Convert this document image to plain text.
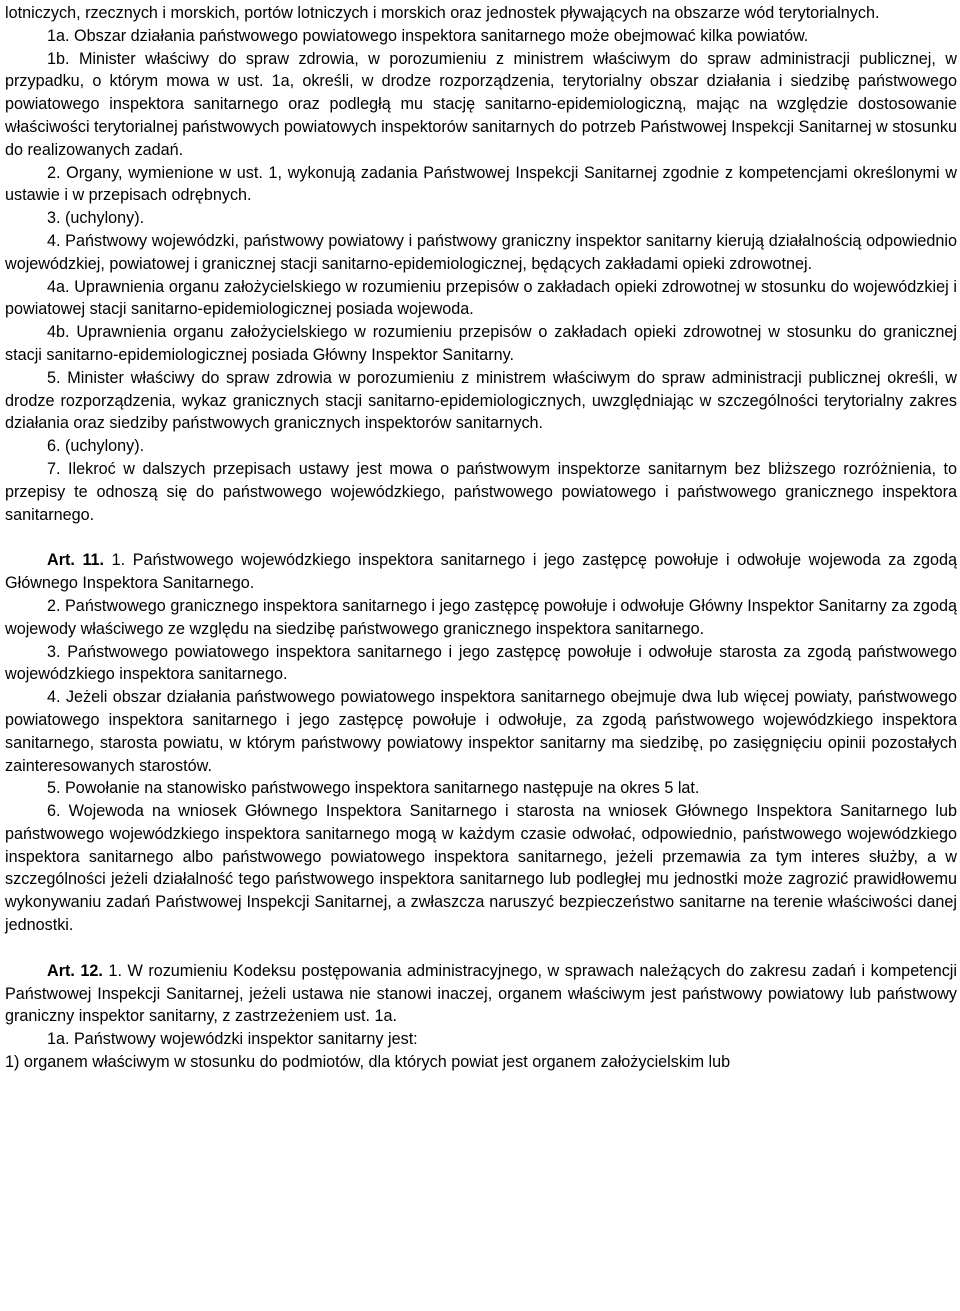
lotniczych, rzecznych i morskich, portów lotniczych i morskich oraz jednostek pływających na obszarze wód terytorialnych.

1a. Obszar działania państwowego powiatowego inspektora sanitarnego może obejmować kilka powiatów.

1b. Minister właściwy do spraw zdrowia, w porozumieniu z ministrem właściwym do spraw administracji publicznej, w przypadku, o którym mowa w ust. 1a, określi, w drodze rozporządzenia, terytorialny obszar działania i siedzibę państwowego powiatowego inspektora sanitarnego oraz podległą mu stację sanitarno-epidemiologiczną, mając na względzie dostosowanie właściwości terytorialnej państwowych powiatowych inspektorów sanitarnych do potrzeb Państwowej Inspekcji Sanitarnej w stosunku do realizowanych zadań.

2. Organy, wymienione w ust. 1, wykonują zadania Państwowej Inspekcji Sanitarnej zgodnie z kompetencjami określonymi w ustawie i w przepisach odrębnych.

3. (uchylony).

4. Państwowy wojewódzki, państwowy powiatowy i państwowy graniczny inspektor sanitarny kierują działalnością odpowiednio wojewódzkiej, powiatowej i granicznej stacji sanitarno-epidemiologicznej, będących zakładami opieki zdrowotnej.

4a. Uprawnienia organu założycielskiego w rozumieniu przepisów o zakładach opieki zdrowotnej w stosunku do wojewódzkiej i powiatowej stacji sanitarno-epidemiologicznej posiada wojewoda.

4b. Uprawnienia organu założycielskiego w rozumieniu przepisów o zakładach opieki zdrowotnej w stosunku do granicznej stacji sanitarno-epidemiologicznej posiada Główny Inspektor Sanitarny.

5. Minister właściwy do spraw zdrowia w porozumieniu z ministrem właściwym do spraw administracji publicznej określi, w drodze rozporządzenia, wykaz granicznych stacji sanitarno-epidemiologicznych, uwzględniając w szczególności terytorialny zakres działania oraz siedziby państwowych granicznych inspektorów sanitarnych.

6. (uchylony).

7. Ilekroć w dalszych przepisach ustawy jest mowa o państwowym inspektorze sanitarnym bez bliższego rozróżnienia, to przepisy te odnoszą się do państwowego wojewódzkiego, państwowego powiatowego i państwowego granicznego inspektora sanitarnego.

Art. 11. 1. Państwowego wojewódzkiego inspektora sanitarnego i jego zastępcę powołuje i odwołuje wojewoda za zgodą Głównego Inspektora Sanitarnego.

2. Państwowego granicznego inspektora sanitarnego i jego zastępcę powołuje i odwołuje Główny Inspektor Sanitarny za zgodą wojewody właściwego ze względu na siedzibę państwowego granicznego inspektora sanitarnego.

3. Państwowego powiatowego inspektora sanitarnego i jego zastępcę powołuje i odwołuje starosta za zgodą państwowego wojewódzkiego inspektora sanitarnego.

4. Jeżeli obszar działania państwowego powiatowego inspektora sanitarnego obejmuje dwa lub więcej powiaty, państwowego powiatowego inspektora sanitarnego i jego zastępcę powołuje i odwołuje, za zgodą państwowego wojewódzkiego inspektora sanitarnego, starosta powiatu, w którym państwowy powiatowy inspektor sanitarny ma siedzibę, po zasięgnięciu opinii pozostałych zainteresowanych starostów.

5. Powołanie na stanowisko państwowego inspektora sanitarnego następuje na okres 5 lat.

6. Wojewoda na wniosek Głównego Inspektora Sanitarnego i starosta na wniosek Głównego Inspektora Sanitarnego lub państwowego wojewódzkiego inspektora sanitarnego mogą w każdym czasie odwołać, odpowiednio, państwowego wojewódzkiego inspektora sanitarnego albo państwowego powiatowego inspektora sanitarnego, jeżeli przemawia za tym interes służby, a w szczególności jeżeli działalność tego państwowego inspektora sanitarnego lub podległej mu jednostki może zagrozić prawidłowemu wykonywaniu zadań Państwowej Inspekcji Sanitarnej, a zwłaszcza naruszyć bezpieczeństwo sanitarne na terenie właściwości danej jednostki.

Art. 12. 1. W rozumieniu Kodeksu postępowania administracyjnego, w sprawach należących do zakresu zadań i kompetencji Państwowej Inspekcji Sanitarnej, jeżeli ustawa nie stanowi inaczej, organem właściwym jest państwowy powiatowy lub państwowy graniczny inspektor sanitarny, z zastrzeżeniem ust. 1a.

1a. Państwowy wojewódzki inspektor sanitarny jest:

1) organem właściwym w stosunku do podmiotów, dla których powiat jest organem założycielskim lub
